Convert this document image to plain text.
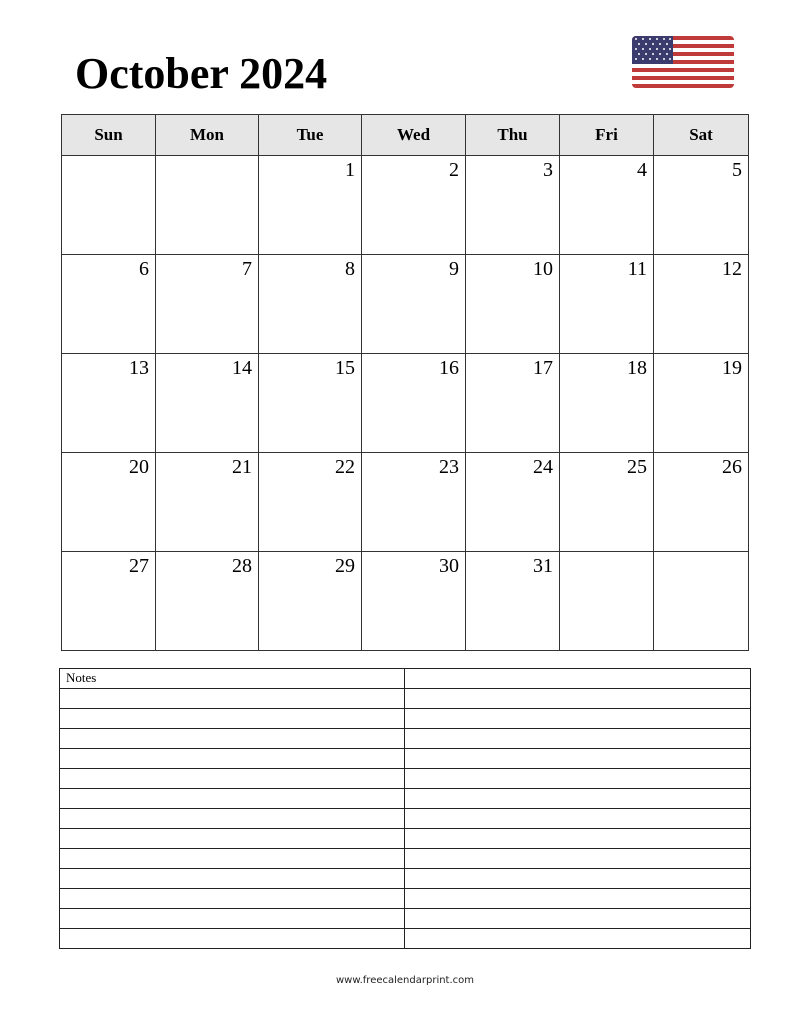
October 2024
Sun	Mon	Tue	Wed	Thu	Fri	Sat
		1	2	3	4	5
6	7	8	9	10	11	12
13	14	15	16	17	18	19
20	21	22	23	24	25	26
27	28	29	30	31		
Notes	

www.freecalendarprint.com
